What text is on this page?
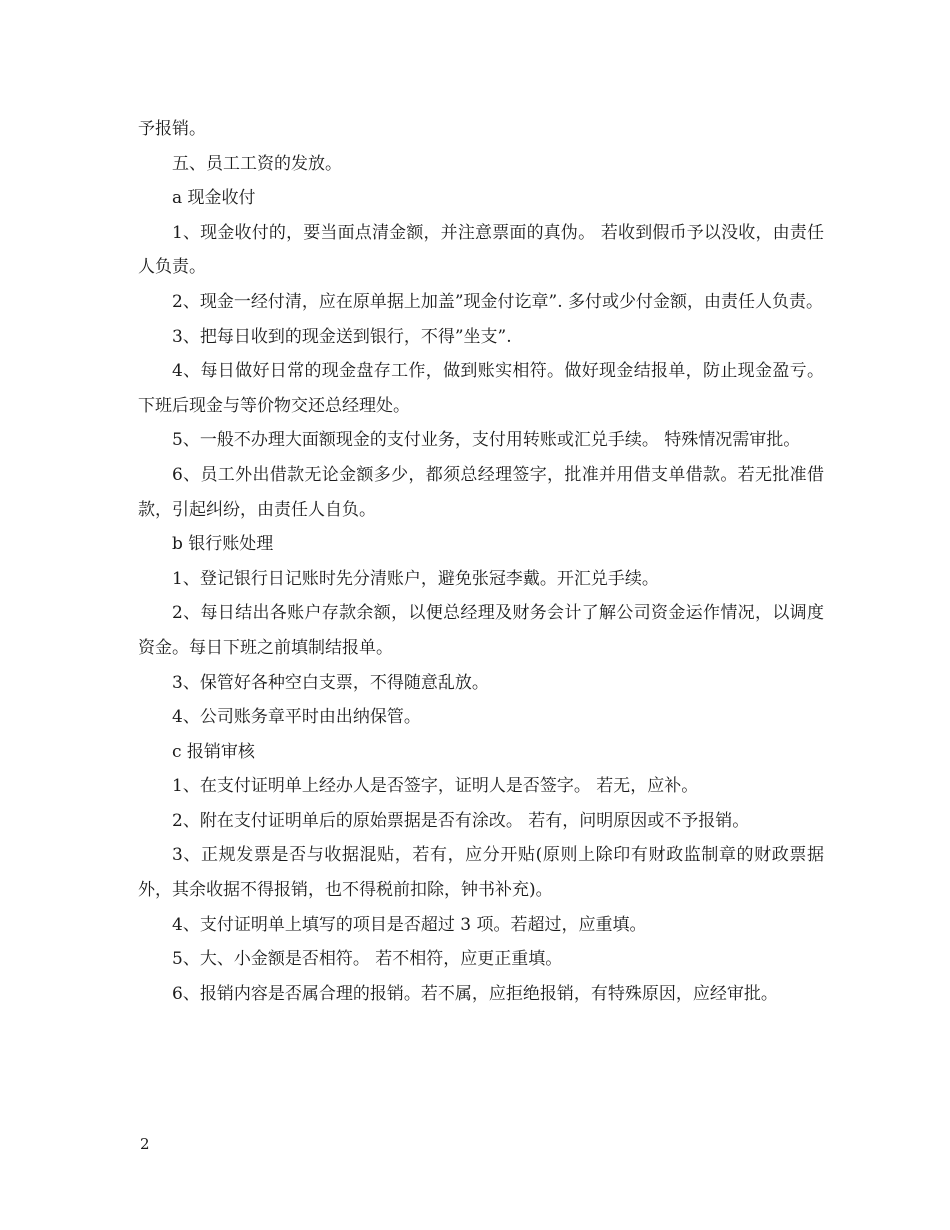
予报销。

五、员工工资的发放。

a 现金收付

1、现金收付的，要当面点清金额，并注意票面的真伪。 若收到假币予以没收，由责任人负责。

2、现金一经付清，应在原单据上加盖”现金付讫章”. 多付或少付金额，由责任人负责。

3、把每日收到的现金送到银行，不得”坐支”.

4、每日做好日常的现金盘存工作，做到账实相符。做好现金结报单，防止现金盈亏。下班后现金与等价物交还总经理处。

5、一般不办理大面额现金的支付业务，支付用转账或汇兑手续。 特殊情况需审批。

6、员工外出借款无论金额多少，都须总经理签字，批准并用借支单借款。若无批准借款，引起纠纷，由责任人自负。

b 银行账处理

1、登记银行日记账时先分清账户，避免张冠李戴。开汇兑手续。

2、每日结出各账户存款余额，以便总经理及财务会计了解公司资金运作情况，以调度资金。每日下班之前填制结报单。

3、保管好各种空白支票，不得随意乱放。

4、公司账务章平时由出纳保管。

c 报销审核

1、在支付证明单上经办人是否签字，证明人是否签字。 若无，应补。

2、附在支付证明单后的原始票据是否有涂改。 若有，问明原因或不予报销。

3、正规发票是否与收据混贴，若有，应分开贴(原则上除印有财政监制章的财政票据外，其余收据不得报销，也不得税前扣除，钟书补充)。

4、支付证明单上填写的项目是否超过 3 项。若超过，应重填。

5、大、小金额是否相符。 若不相符，应更正重填。

6、报销内容是否属合理的报销。若不属，应拒绝报销，有特殊原因，应经审批。

2
